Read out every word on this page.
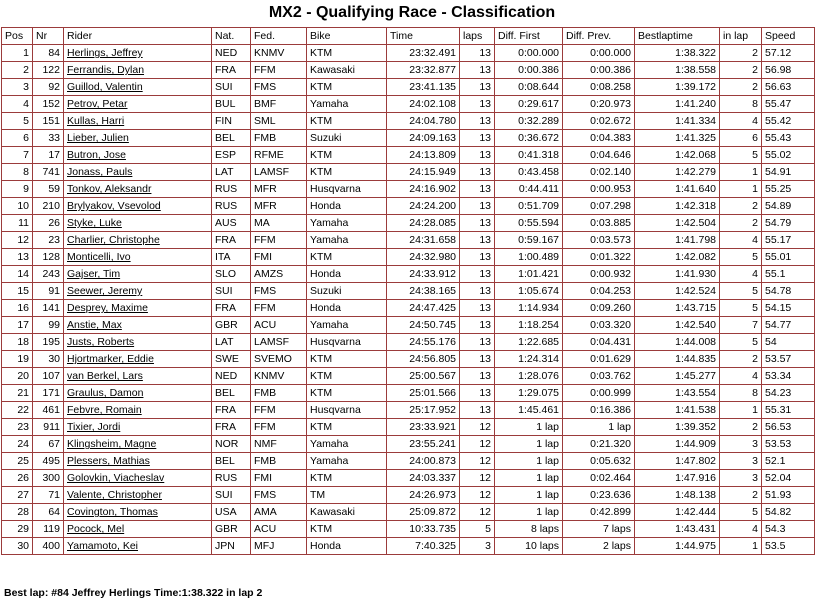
MX2 - Qualifying Race - Classification
Pos	Nr	Rider	Nat.	Fed.	Bike	Time	laps	Diff. First	Diff. Prev.	Bestlaptime	in lap	Speed
1	84	Herlings, Jeffrey	NED	KNMV	KTM	23:32.491	13	0:00.000	0:00.000	1:38.322	2	57.12
2	122	Ferrandis, Dylan	FRA	FFM	Kawasaki	23:32.877	13	0:00.386	0:00.386	1:38.558	2	56.98
3	92	Guillod, Valentin	SUI	FMS	KTM	23:41.135	13	0:08.644	0:08.258	1:39.172	2	56.63
4	152	Petrov, Petar	BUL	BMF	Yamaha	24:02.108	13	0:29.617	0:20.973	1:41.240	8	55.47
5	151	Kullas, Harri	FIN	SML	KTM	24:04.780	13	0:32.289	0:02.672	1:41.334	4	55.42
6	33	Lieber, Julien	BEL	FMB	Suzuki	24:09.163	13	0:36.672	0:04.383	1:41.325	6	55.43
7	17	Butron, Jose	ESP	RFME	KTM	24:13.809	13	0:41.318	0:04.646	1:42.068	5	55.02
8	741	Jonass, Pauls	LAT	LAMSF	KTM	24:15.949	13	0:43.458	0:02.140	1:42.279	1	54.91
9	59	Tonkov, Aleksandr	RUS	MFR	Husqvarna	24:16.902	13	0:44.411	0:00.953	1:41.640	1	55.25
10	210	Brylyakov, Vsevolod	RUS	MFR	Honda	24:24.200	13	0:51.709	0:07.298	1:42.318	2	54.89
11	26	Styke, Luke	AUS	MA	Yamaha	24:28.085	13	0:55.594	0:03.885	1:42.504	2	54.79
12	23	Charlier, Christophe	FRA	FFM	Yamaha	24:31.658	13	0:59.167	0:03.573	1:41.798	4	55.17
13	128	Monticelli, Ivo	ITA	FMI	KTM	24:32.980	13	1:00.489	0:01.322	1:42.082	5	55.01
14	243	Gajser, Tim	SLO	AMZS	Honda	24:33.912	13	1:01.421	0:00.932	1:41.930	4	55.1
15	91	Seewer, Jeremy	SUI	FMS	Suzuki	24:38.165	13	1:05.674	0:04.253	1:42.524	5	54.78
16	141	Desprey, Maxime	FRA	FFM	Honda	24:47.425	13	1:14.934	0:09.260	1:43.715	5	54.15
17	99	Anstie, Max	GBR	ACU	Yamaha	24:50.745	13	1:18.254	0:03.320	1:42.540	7	54.77
18	195	Justs, Roberts	LAT	LAMSF	Husqvarna	24:55.176	13	1:22.685	0:04.431	1:44.008	5	54
19	30	Hjortmarker, Eddie	SWE	SVEMO	KTM	24:56.805	13	1:24.314	0:01.629	1:44.835	2	53.57
20	107	van Berkel, Lars	NED	KNMV	KTM	25:00.567	13	1:28.076	0:03.762	1:45.277	4	53.34
21	171	Graulus, Damon	BEL	FMB	KTM	25:01.566	13	1:29.075	0:00.999	1:43.554	8	54.23
22	461	Febvre, Romain	FRA	FFM	Husqvarna	25:17.952	13	1:45.461	0:16.386	1:41.538	1	55.31
23	911	Tixier, Jordi	FRA	FFM	KTM	23:33.921	12	1 lap	1 lap	1:39.352	2	56.53
24	67	Klingsheim, Magne	NOR	NMF	Yamaha	23:55.241	12	1 lap	0:21.320	1:44.909	3	53.53
25	495	Plessers, Mathias	BEL	FMB	Yamaha	24:00.873	12	1 lap	0:05.632	1:47.802	3	52.1
26	300	Golovkin, Viacheslav	RUS	FMI	KTM	24:03.337	12	1 lap	0:02.464	1:47.916	3	52.04
27	71	Valente, Christopher	SUI	FMS	TM	24:26.973	12	1 lap	0:23.636	1:48.138	2	51.93
28	64	Covington, Thomas	USA	AMA	Kawasaki	25:09.872	12	1 lap	0:42.899	1:42.444	5	54.82
29	119	Pocock, Mel	GBR	ACU	KTM	10:33.735	5	8 laps	7 laps	1:43.431	4	54.3
30	400	Yamamoto, Kei	JPN	MFJ	Honda	7:40.325	3	10 laps	2 laps	1:44.975	1	53.5
Best lap: #84 Jeffrey Herlings Time:1:38.322 in lap 2
